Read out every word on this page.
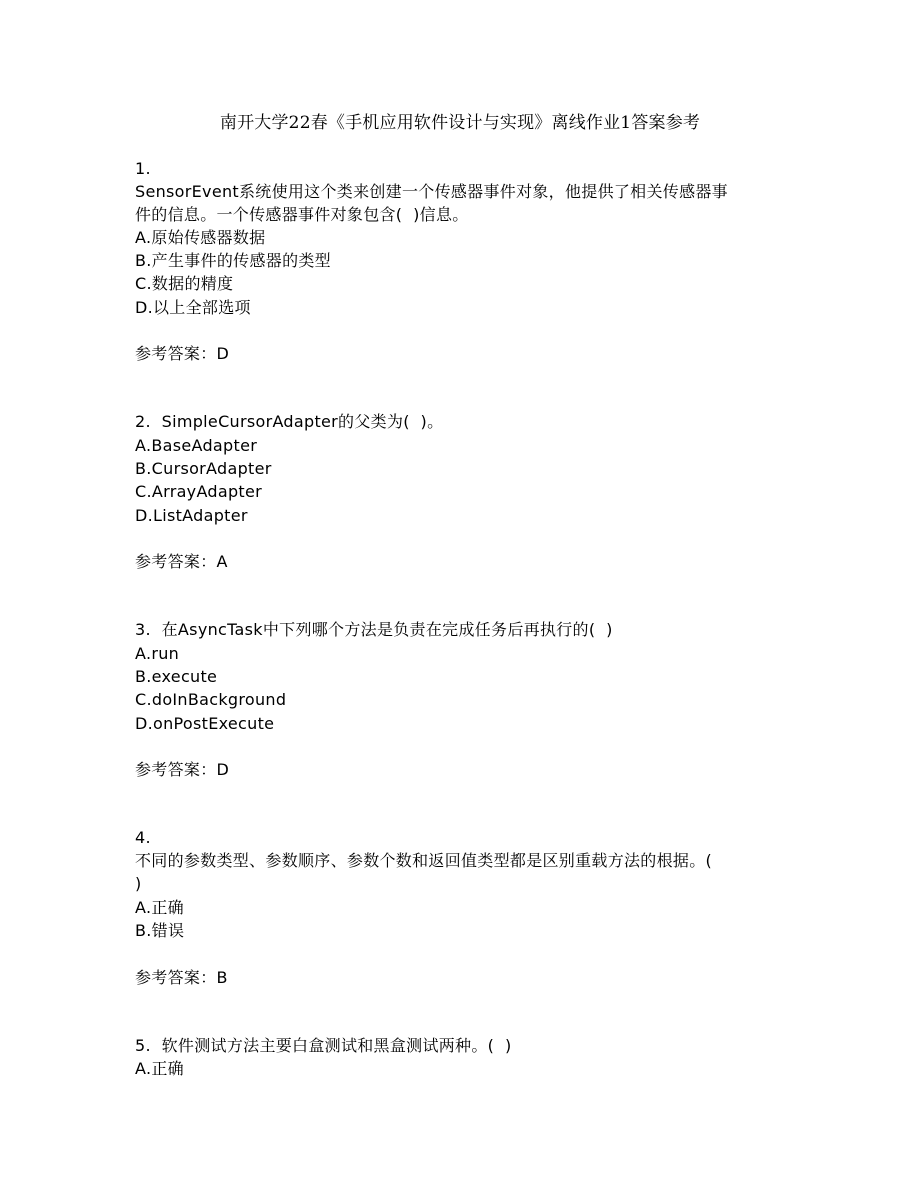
南开大学22春《手机应用软件设计与实现》离线作业1答案参考
1.
SensorEvent系统使用这个类来创建一个传感器事件对象，他提供了相关传感器事
件的信息。一个传感器事件对象包含(  )信息。
A.原始传感器数据
B.产生事件的传感器的类型
C.数据的精度
D.以上全部选项
参考答案：D
2.  SimpleCursorAdapter的父类为(  )。
A.BaseAdapter
B.CursorAdapter
C.ArrayAdapter
D.ListAdapter
参考答案：A
3.  在AsyncTask中下列哪个方法是负责在完成任务后再执行的(  )
A.run
B.execute
C.doInBackground
D.onPostExecute
参考答案：D
4.
不同的参数类型、参数顺序、参数个数和返回值类型都是区别重载方法的根据。(
)
A.正确
B.错误
参考答案：B
5.  软件测试方法主要白盒测试和黑盒测试两种。(  )
A.正确
